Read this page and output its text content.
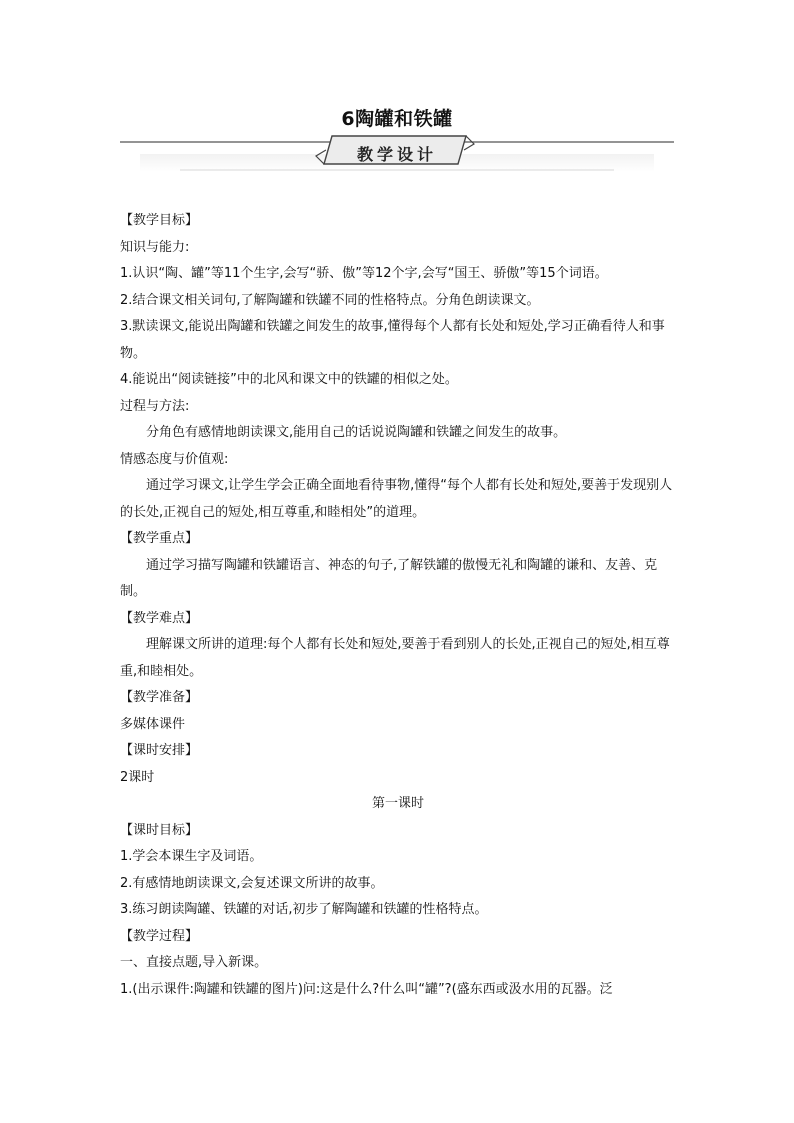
6陶罐和铁罐
教学设计

【教学目标】

知识与能力:

1.认识“陶、罐”等11个生字,会写“骄、傲”等12个字,会写“国王、骄傲”等15个词语。

2.结合课文相关词句,了解陶罐和铁罐不同的性格特点。分角色朗读课文。

3.默读课文,能说出陶罐和铁罐之间发生的故事,懂得每个人都有长处和短处,学习正确看待人和事物。

4.能说出“阅读链接”中的北风和课文中的铁罐的相似之处。

过程与方法:

分角色有感情地朗读课文,能用自己的话说说陶罐和铁罐之间发生的故事。

情感态度与价值观:

通过学习课文,让学生学会正确全面地看待事物,懂得“每个人都有长处和短处,要善于发现别人的长处,正视自己的短处,相互尊重,和睦相处”的道理。

【教学重点】

通过学习描写陶罐和铁罐语言、神态的句子,了解铁罐的傲慢无礼和陶罐的谦和、友善、克制。

【教学难点】

理解课文所讲的道理:每个人都有长处和短处,要善于看到别人的长处,正视自己的短处,相互尊重,和睦相处。

【教学准备】

多媒体课件

【课时安排】

2课时

第一课时

【课时目标】

1.学会本课生字及词语。

2.有感情地朗读课文,会复述课文所讲的故事。

3.练习朗读陶罐、铁罐的对话,初步了解陶罐和铁罐的性格特点。

【教学过程】

一、直接点题,导入新课。

1.(出示课件:陶罐和铁罐的图片)问:这是什么?什么叫“罐”?(盛东西或汲水用的瓦器。泛
